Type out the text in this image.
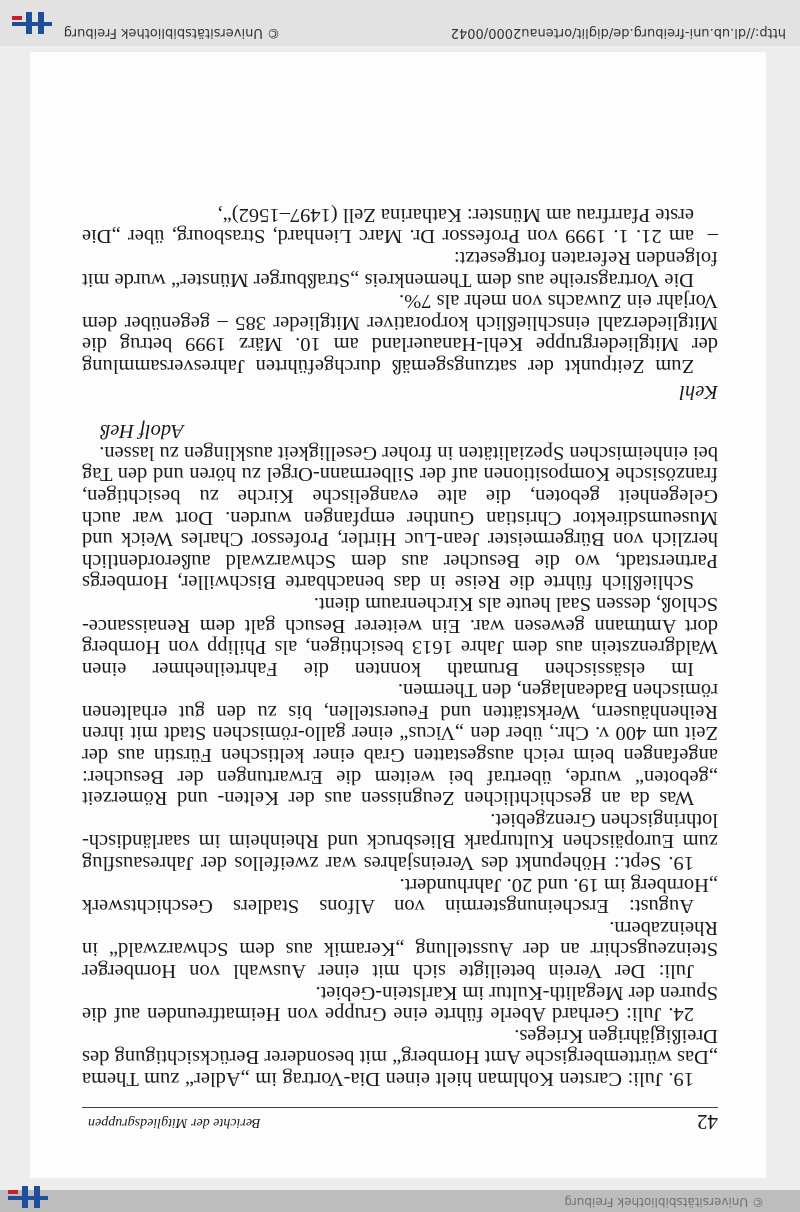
© Universitätsbibliothek Freiburg
42
Berichte der Mitgliedsgruppen

19. Juli: Carsten Kohlman hielt einen Dia-Vortrag im „Adler“ zum Thema „Das württembergische Amt Hornberg“ mit besonderer Berücksichtigung des Dreißigjährigen Krieges.

24. Juli: Gerhard Aberle führte eine Gruppe von Heimatfreunden auf die Spuren der Megalith-Kultur im Karlstein-Gebiet.

Juli: Der Verein beteiligte sich mit einer Auswahl von Hornberger Steinzeugschirr an der Ausstellung „Keramik aus dem Schwarzwald“ in Rheinzabern.

August: Erscheinungstermin von Alfons Stadlers Geschichtswerk „Hornberg im 19. und 20. Jahrhundert.

19. Sept.: Höhepunkt des Vereinsjahres war zweifellos der Jahresausflug zum Europäischen Kulturpark Bliesbruck und Rheinheim im saarländisch-lothringischen Grenzgebiet.

Was da an geschichtlichen Zeugnissen aus der Kelten- und Römerzeit „geboten“ wurde, übertraf bei weitem die Erwartungen der Besucher: angefangen beim reich ausgestatten Grab einer keltischen Fürstin aus der Zeit um 400 v. Chr., über den „Vicus“ einer gallo-römischen Stadt mit ihren Reihenhäusern, Werkstätten und Feuerstellen, bis zu den gut erhaltenen römischen Badeanlagen, den Thermen.

Im elsässischen Brumath konnten die Fahrteilnehmer einen Waldgrenzstein aus dem Jahre 1613 besichtigen, als Philipp von Hornberg dort Amtmann gewesen war. Ein weiterer Besuch galt dem Renaissance-Schloß, dessen Saal heute als Kirchenraum dient.

Schließlich führte die Reise in das benachbarte Bischwiller, Hornbergs Partnerstadt, wo die Besucher aus dem Schwarzwald außerordentlich herzlich von Bürgermeister Jean-Luc Hirtler, Professor Charles Weick und Museumsdirektor Christian Gunther empfangen wurden. Dort war auch Gelegenheit geboten, die alte evangelische Kirche zu besichtigen, französische Kompositionen auf der Silbermann-Orgel zu hören und den Tag bei einheimischen Spezialitäten in froher Geselligkeit ausklingen zu lassen.

Adolf Heß

Kehl

Zum Zeitpunkt der satzungsgemäß durchgeführten Jahresversammlung der Mitgliedergruppe Kehl-Hanauerland am 10. März 1999 betrug die Mitgliederzahl einschließlich korporativer Mitglieder 385 – gegenüber dem Vorjahr ein Zuwachs von mehr als 7%.

Die Vortragsreihe aus dem Themenkreis „Straßburger Münster“ wurde mit folgenden Referaten fortgesetzt:

–am 21. 1. 1999 von Professor Dr. Marc Lienhard, Strasbourg, über „Die erste Pfarrfrau am Münster: Katharina Zell (1497–1562)“,

http://dl.ub.uni-freiburg.de/diglit/ortenau2000/0042
© Universitätsbibliothek Freiburg
